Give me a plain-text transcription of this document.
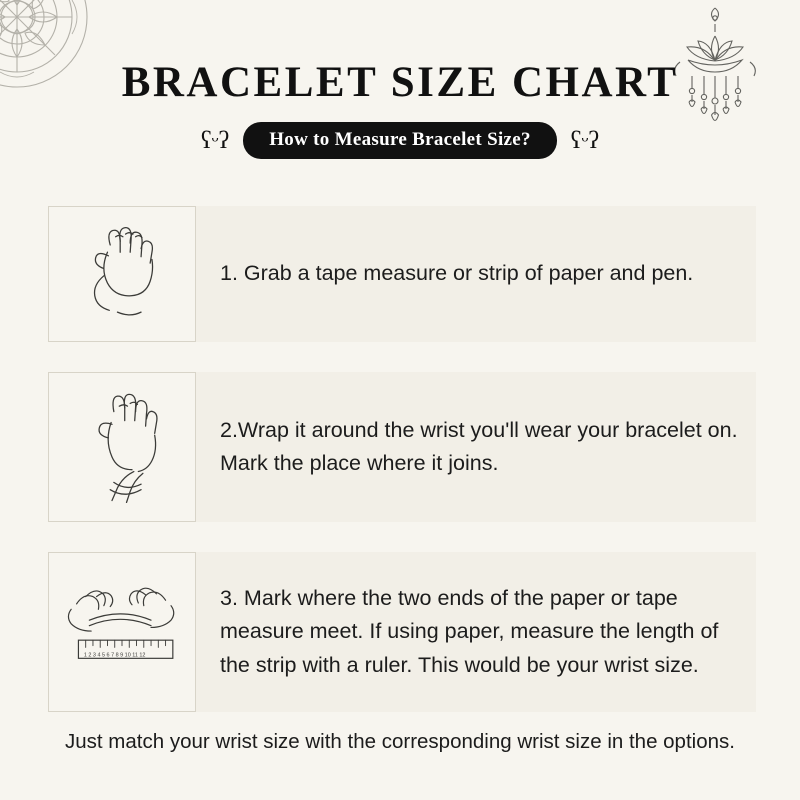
BRACELET SIZE CHART
ʕᵕʔ	How to Measure Bracelet Size?	ʕᵕʔ
1. Grab a tape measure or strip of paper and pen.
2.Wrap it around the wrist you'll wear your bracelet on. Mark the place where it joins.
1 2 3 4 5 6 7 8 9 10 11 12
3. Mark where the two ends of the paper or tape measure meet. If using paper, measure the length of the strip with a ruler. This would be your wrist size.
Just match your wrist size with the corresponding wrist size in the options.
